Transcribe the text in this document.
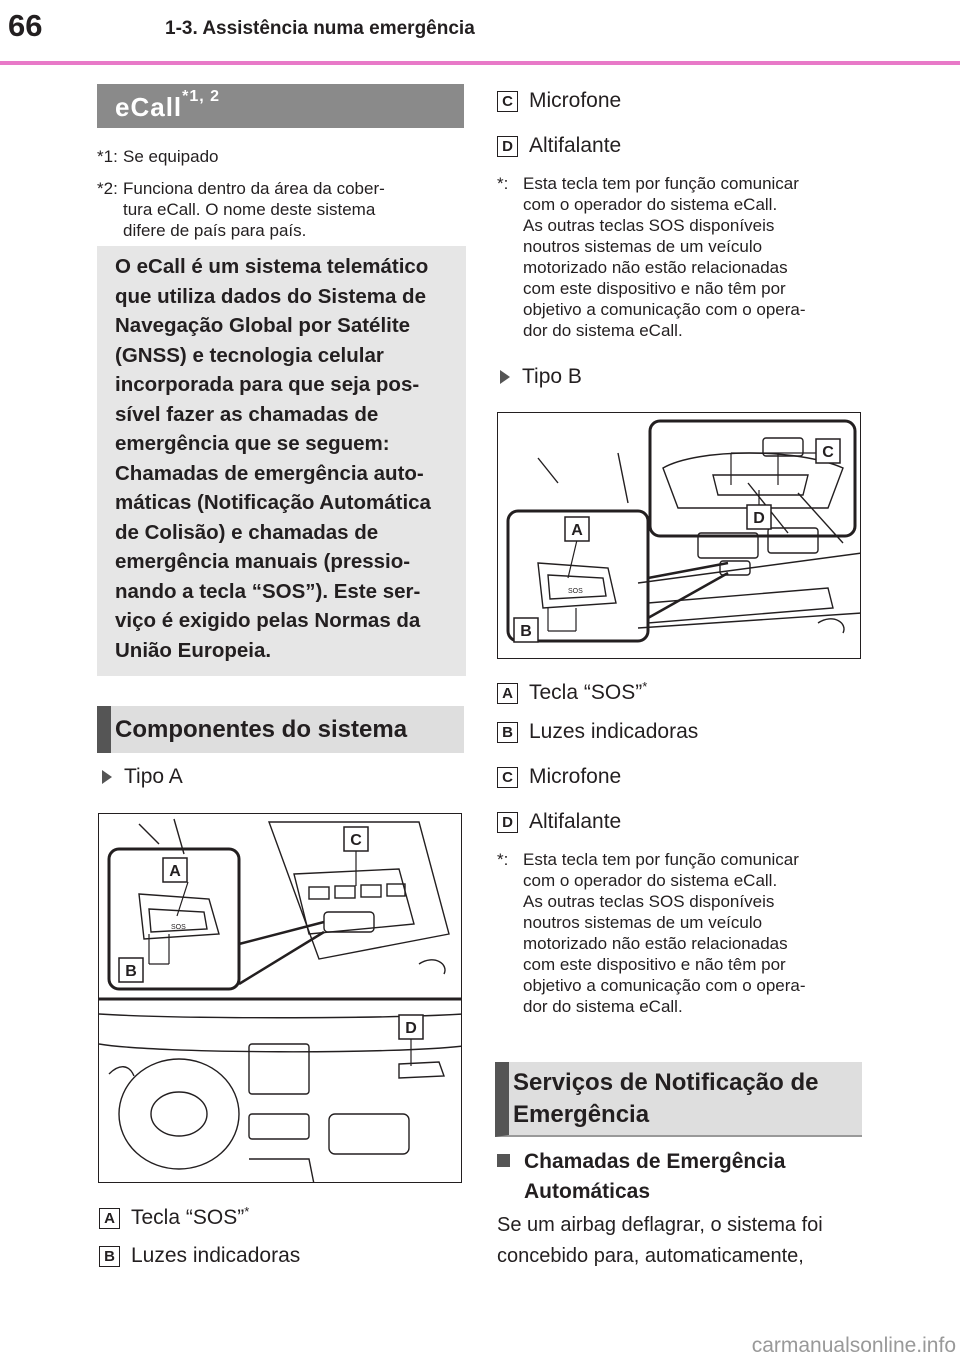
66	1-3. Assistência numa emergência
eCall$^{*1, 2}$
*1: Se equipado
*2: Funciona dentro da área da cober-
tura eCall. O nome deste sistema
difere de país para país.
O eCall é um sistema telemático
que utiliza dados do Sistema de
Navegação Global por Satélite
(GNSS) e tecnologia celular
incorporada para que seja pos-
sível fazer as chamadas de
emergência que se seguem:
Chamadas de emergência auto-
máticas (Notificação Automática
de Colisão) e chamadas de
emergência manuais (pressio-
nando a tecla “SOS”). Este ser-
viço é exigido pelas Normas da
União Europeia.
Componentes do sistema
Tipo A
SOS
A
B
C
D
A Tecla “SOS”*
B Luzes indicadoras
C Microfone
D Altifalante
*: Esta tecla tem por função comunicar
com o operador do sistema eCall.
As outras teclas SOS disponíveis
noutros sistemas de um veículo
motorizado não estão relacionadas
com este dispositivo e não têm por
objetivo a comunicação com o opera-
dor do sistema eCall.
Tipo B
SOS
A
B
C
D
A Tecla “SOS”*
B Luzes indicadoras
C Microfone
D Altifalante
*: Esta tecla tem por função comunicar
com o operador do sistema eCall.
As outras teclas SOS disponíveis
noutros sistemas de um veículo
motorizado não estão relacionadas
com este dispositivo e não têm por
objetivo a comunicação com o opera-
dor do sistema eCall.
Serviços de Notificação de
Emergência
Chamadas de Emergência
Automáticas
Se um airbag deflagrar, o sistema foi
concebido para, automaticamente,
carmanualsonline.info
